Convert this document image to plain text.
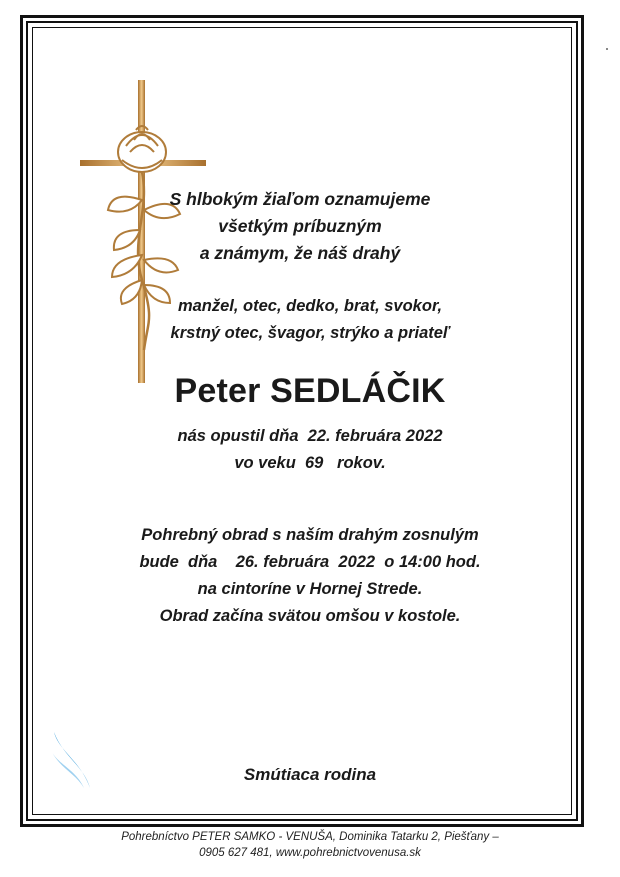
S hlbokým žiaľom oznamujeme
všetkým príbuzným
a známym, že náš drahý
manžel, otec, dedko, brat, svokor,
krstný otec, švagor, strýko a priateľ
Peter SEDLÁČIK
nás opustil dňa  22. februára 2022
vo veku  69   rokov.
Pohrebný obrad s naším drahým zosnulým
bude  dňa    26. februára  2022  o 14:00 hod.
na cintoríne v Hornej Strede.
Obrad začína svätou omšou v kostole.
Smútiaca rodina
Pohrebníctvo PETER SAMKO - VENUŠA, Dominika Tatarku 2, Piešťany –
0905 627 481, www.pohrebnictvovenusa.sk
